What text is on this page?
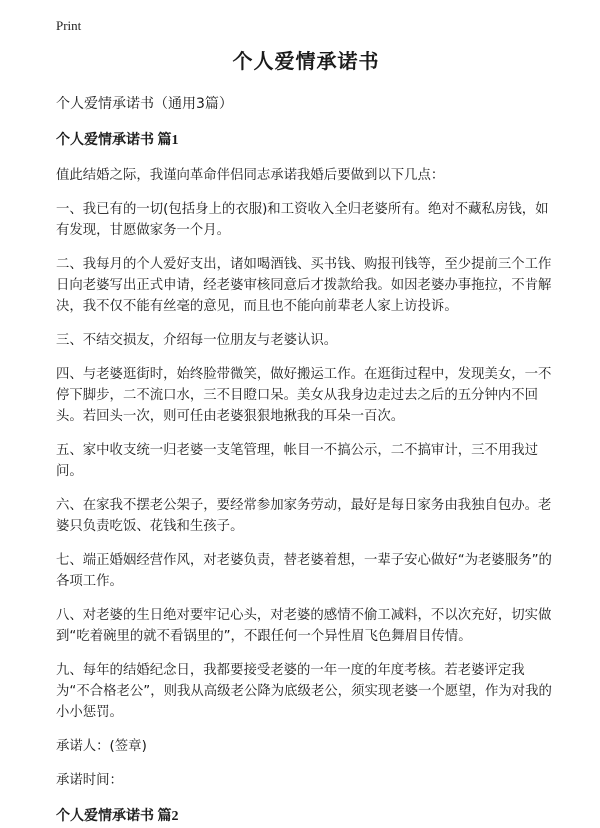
Print
个人爱情承诺书

个人爱情承诺书（通用3篇）

个人爱情承诺书 篇1

值此结婚之际，我谨向革命伴侣同志承诺我婚后要做到以下几点：

一、我已有的一切(包括身上的衣服)和工资收入全归老婆所有。绝对不藏私房钱，如有发现，甘愿做家务一个月。

二、我每月的个人爱好支出，诸如喝酒钱、买书钱、购报刊钱等，至少提前三个工作日向老婆写出正式申请，经老婆审核同意后才拨款给我。如因老婆办事拖拉，不肯解决，我不仅不能有丝毫的意见，而且也不能向前辈老人家上访投诉。

三、不结交损友，介绍每一位朋友与老婆认识。

四、与老婆逛街时，始终脸带微笑，做好搬运工作。在逛街过程中，发现美女，一不停下脚步，二不流口水，三不目瞪口呆。美女从我身边走过去之后的五分钟内不回头。若回头一次，则可任由老婆狠狠地揪我的耳朵一百次。

五、家中收支统一归老婆一支笔管理，帐目一不搞公示，二不搞审计，三不用我过问。

六、在家我不摆老公架子，要经常参加家务劳动，最好是每日家务由我独自包办。老婆只负责吃饭、花钱和生孩子。

七、端正婚姻经营作风，对老婆负责，替老婆着想，一辈子安心做好“为老婆服务”的各项工作。

八、对老婆的生日绝对要牢记心头，对老婆的感情不偷工减料，不以次充好，切实做到“吃着碗里的就不看锅里的”，不跟任何一个异性眉飞色舞眉目传情。

九、每年的结婚纪念日，我都要接受老婆的一年一度的年度考核。若老婆评定我为“不合格老公”，则我从高级老公降为底级老公，须实现老婆一个愿望，作为对我的小小惩罚。

承诺人：(签章)

承诺时间：

个人爱情承诺书 篇2
